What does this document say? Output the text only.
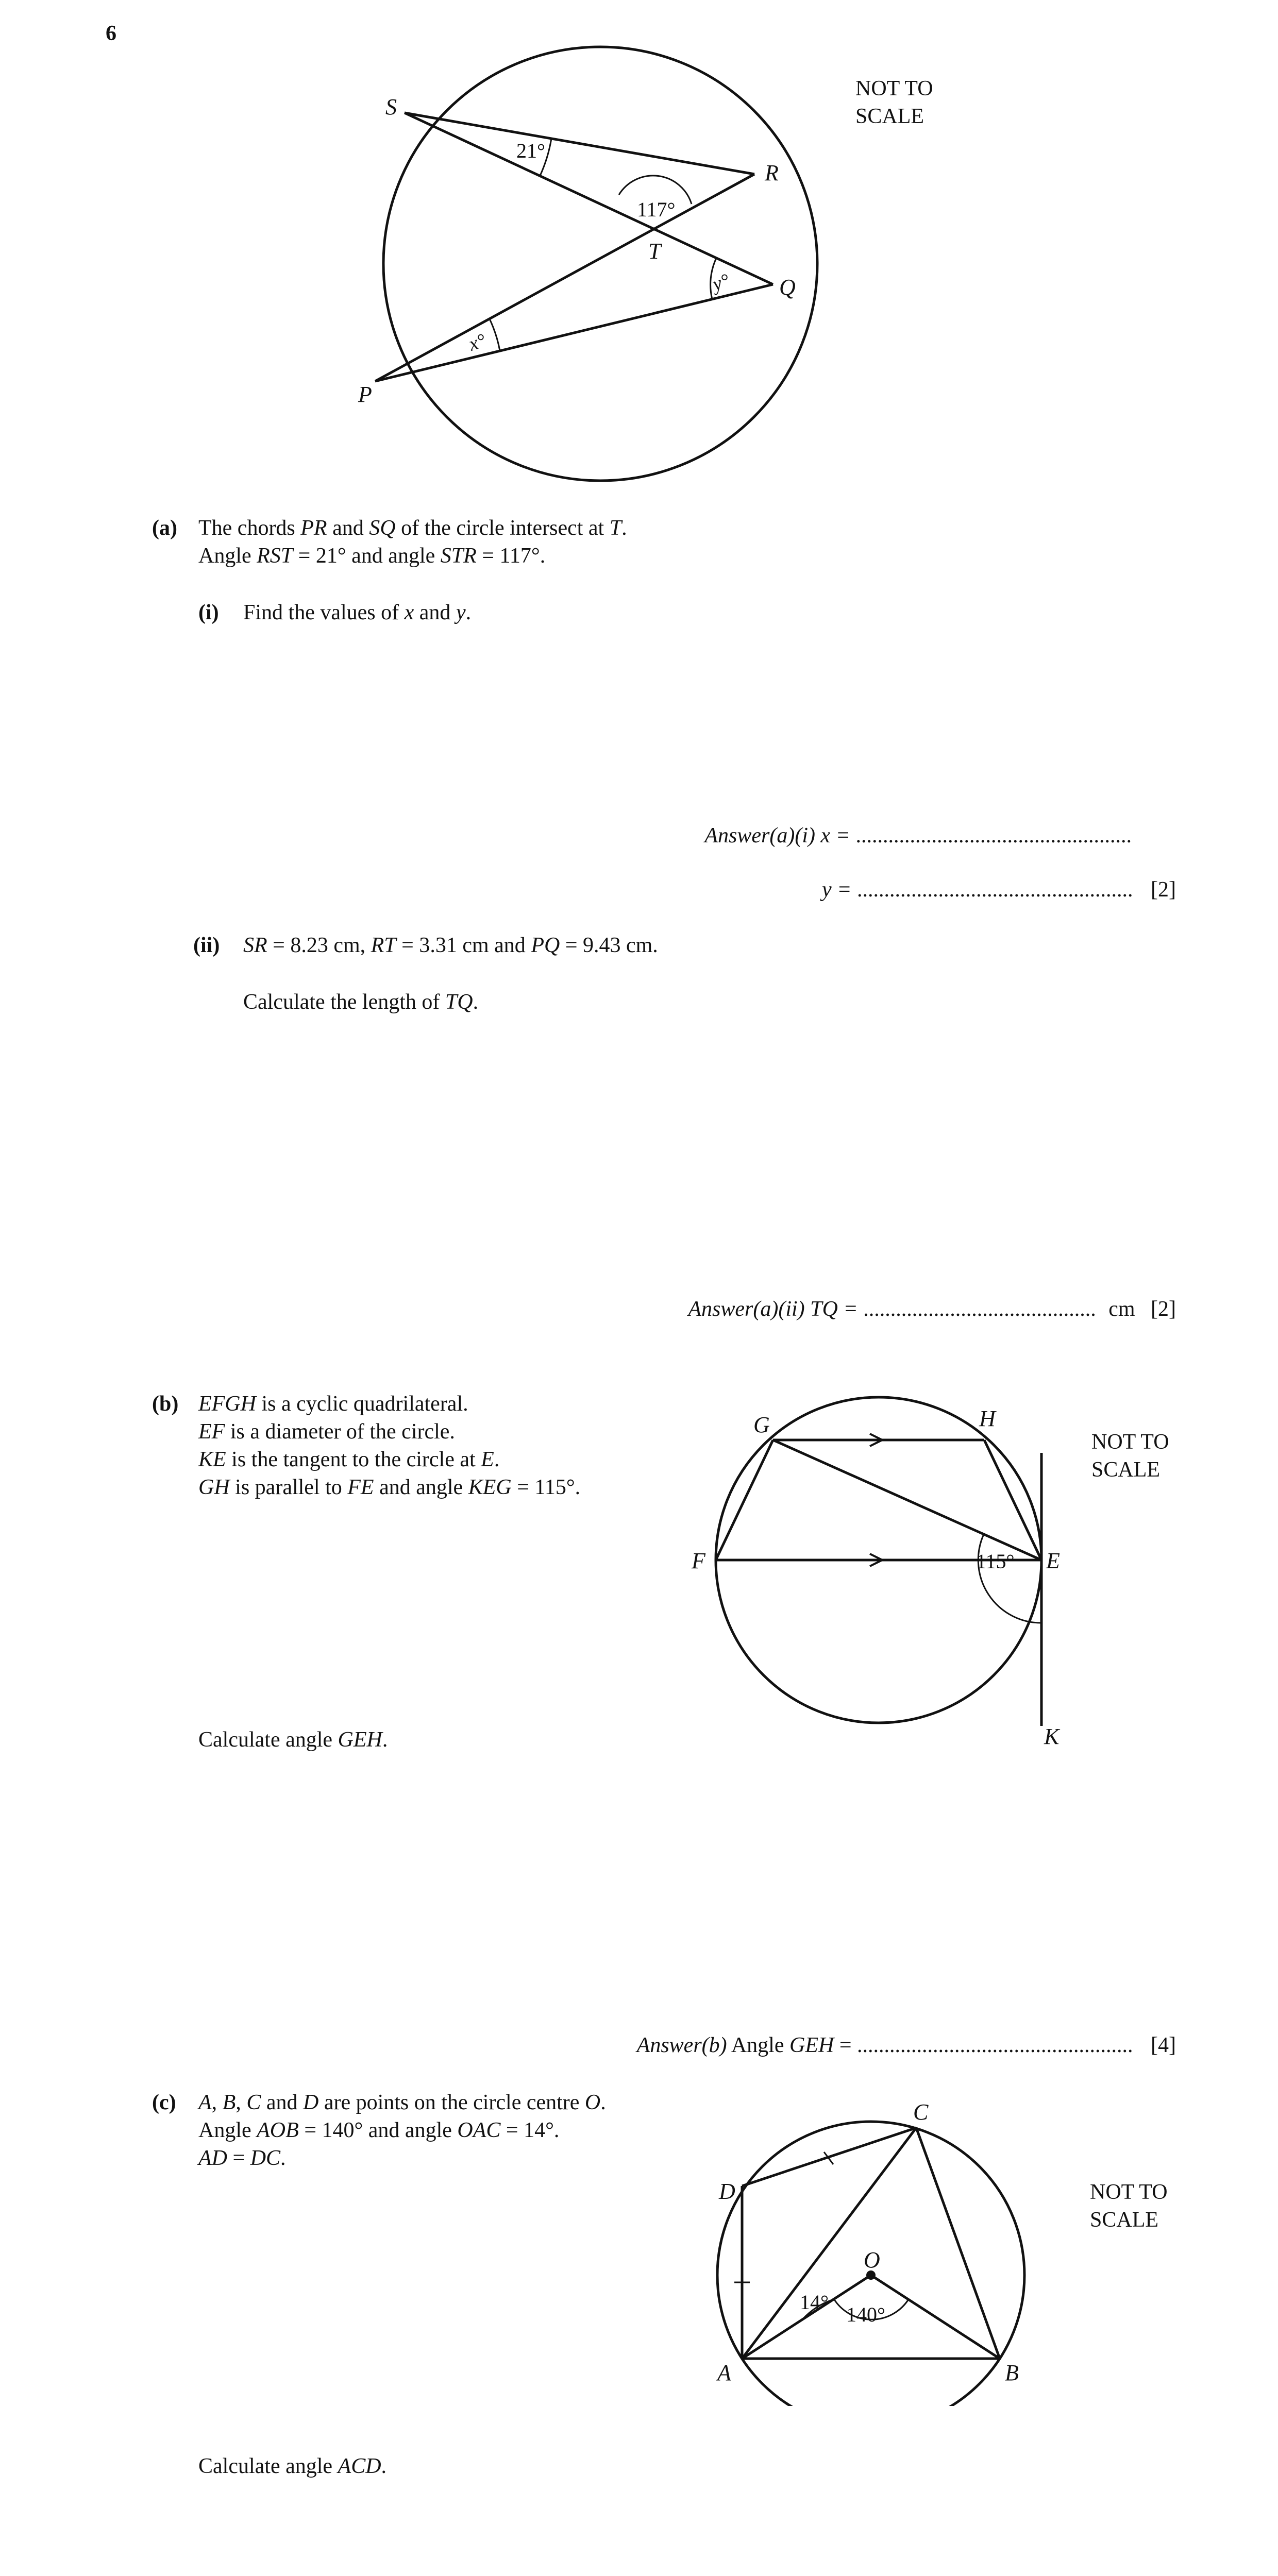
6
S
R
T
Q
P
21°
117°
y°
x°
NOT TO
SCALE
(a) The chords PR and SQ of the circle intersect at T.
Angle RST = 21° and angle STR = 117°.
(i) Find the values of x and y.
Answer(a)(i) x = ...................................................
y = ................................................... [2]
(ii) SR = 8.23 cm, RT = 3.31 cm and PQ = 9.43 cm.
Calculate the length of TQ.
Answer(a)(ii) TQ = ........................................... cm [2]
(b) EFGH is a cyclic quadrilateral.
EF is a diameter of the circle.
KE is the tangent to the circle at E.
GH is parallel to FE and angle KEG = 115°.
Calculate angle GEH.
G	H
F	E
K
115°
NOT TO
SCALE
Answer(b) Angle GEH = ................................................... [4]
(c) A, B, C and D are points on the circle centre O.
Angle AOB = 140° and angle OAC = 14°.
AD = DC.
Calculate angle ACD.
A	B
C
D
O
14°
140°
NOT TO
SCALE
